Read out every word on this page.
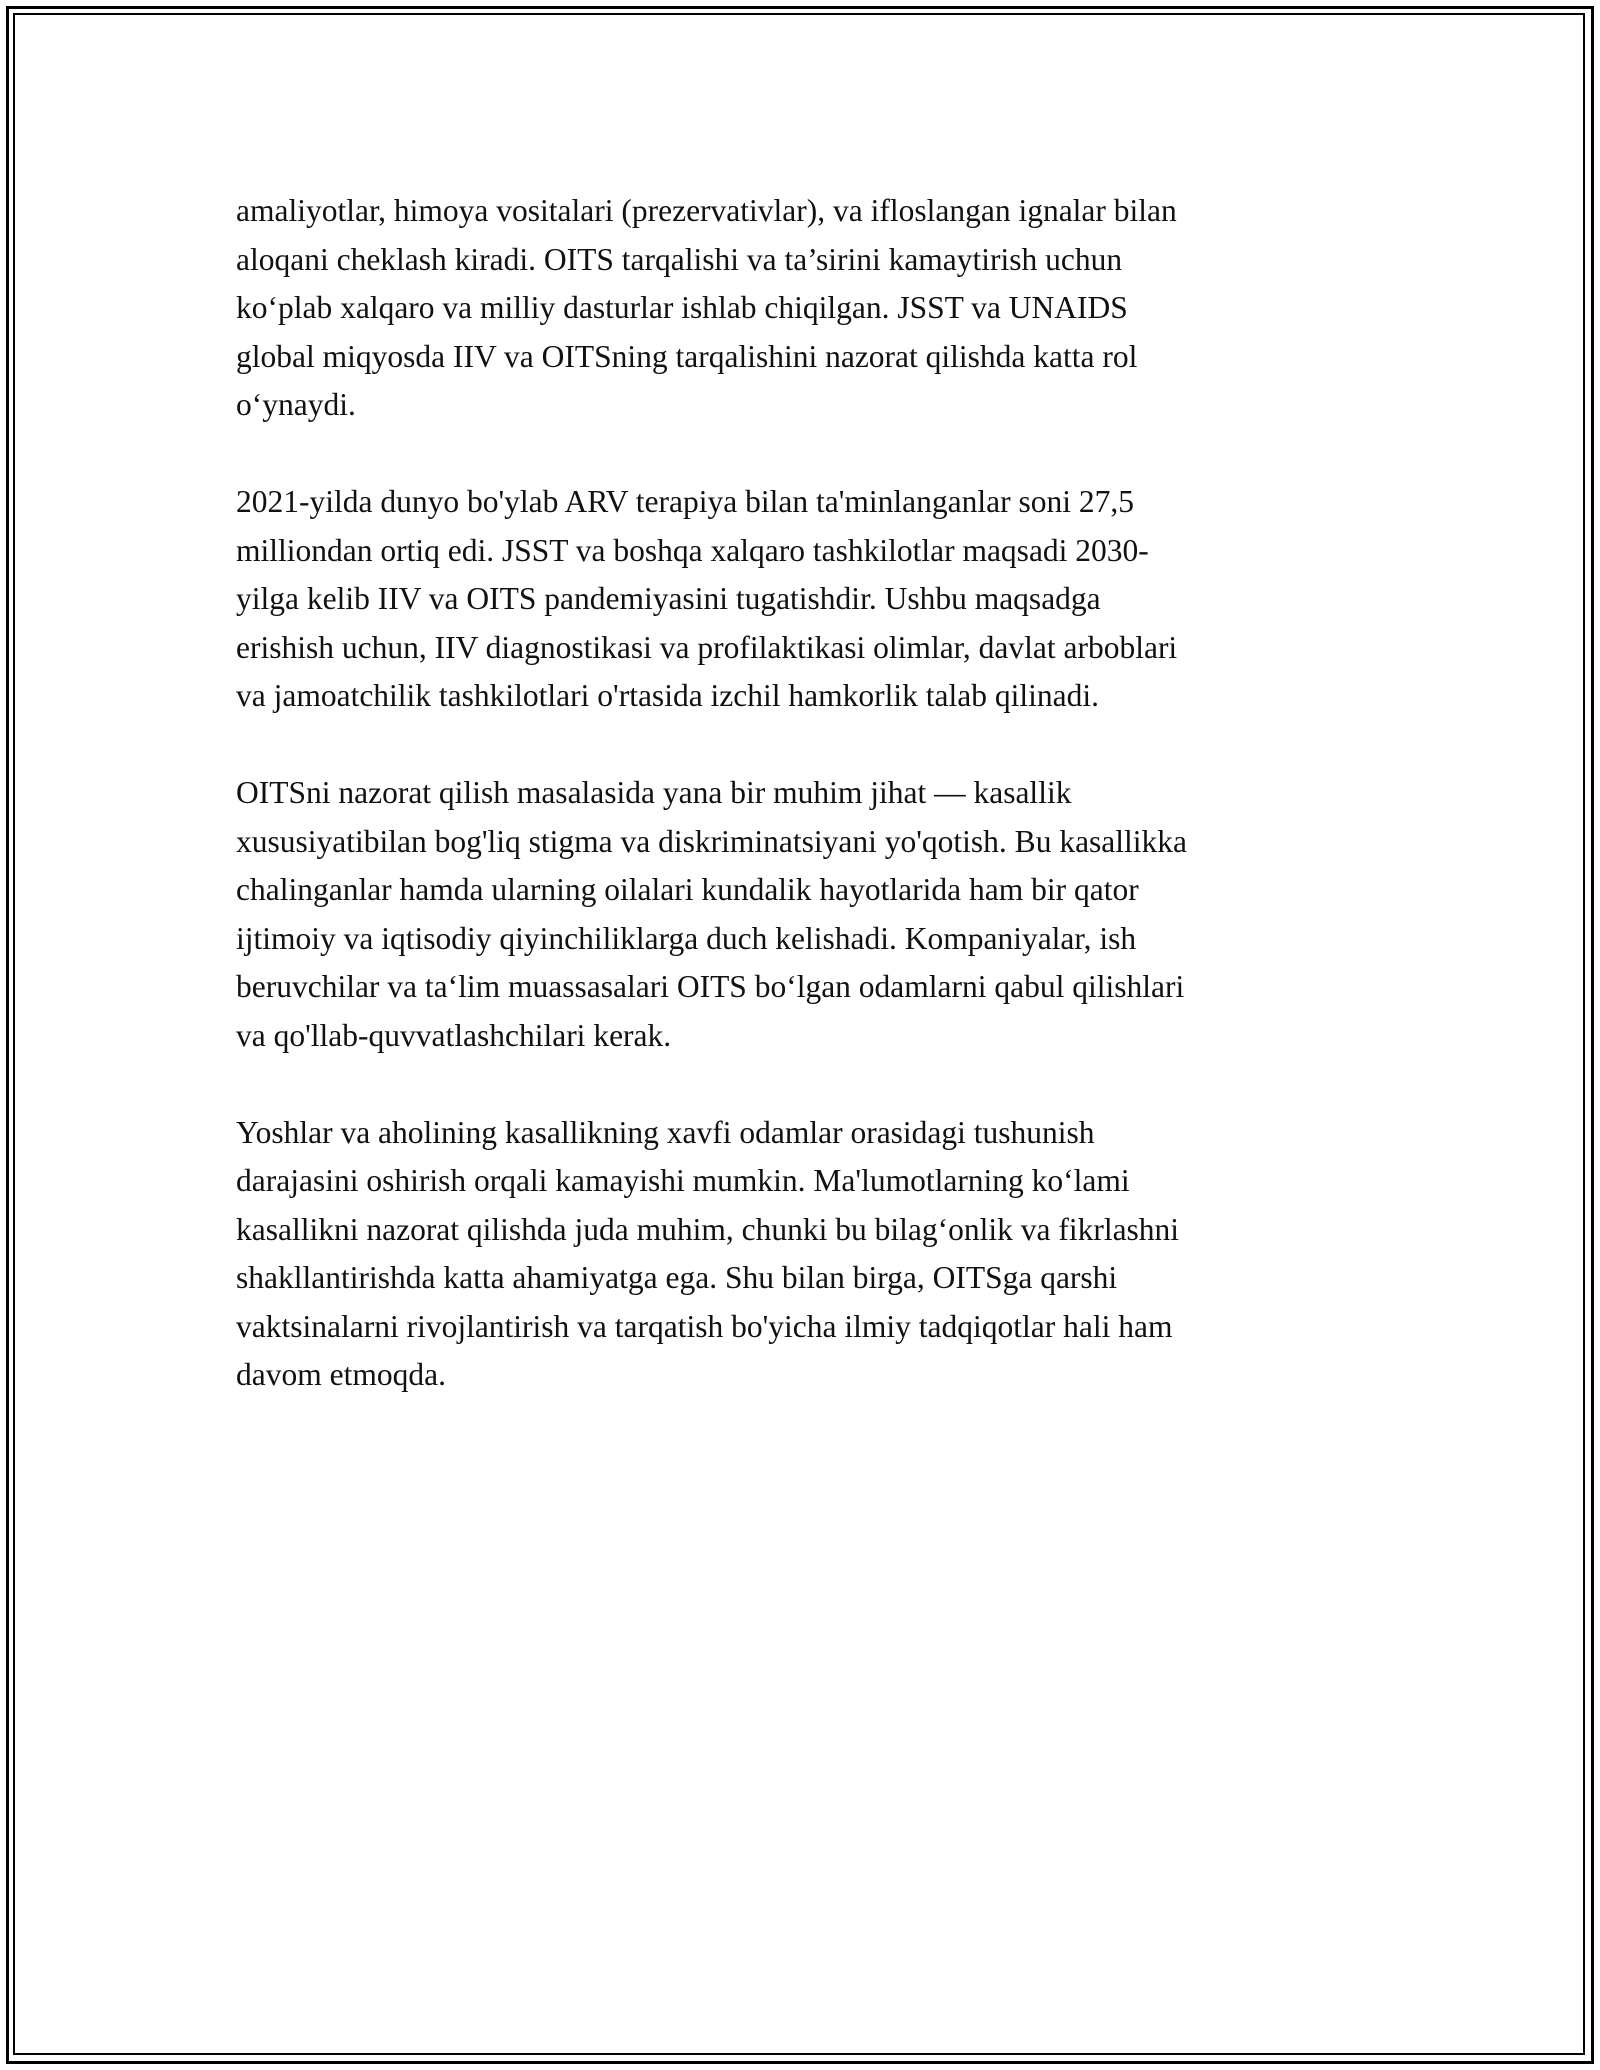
amaliyotlar, himoya vositalari (prezervativlar), va ifloslangan ignalar bilan
aloqani cheklash kiradi. OITS tarqalishi va ta’sirini kamaytirish uchun
ko‘plab xalqaro va milliy dasturlar ishlab chiqilgan. JSST va UNAIDS
global miqyosda IIV va OITSning tarqalishini nazorat qilishda katta rol
o‘ynaydi.

2021-yilda dunyo bo'ylab ARV terapiya bilan ta'minlanganlar soni 27,5
milliondan ortiq edi. JSST va boshqa xalqaro tashkilotlar maqsadi 2030-
yilga kelib IIV va OITS pandemiyasini tugatishdir. Ushbu maqsadga
erishish uchun, IIV diagnostikasi va profilaktikasi olimlar, davlat arboblari
va jamoatchilik tashkilotlari o'rtasida izchil hamkorlik talab qilinadi.

OITSni nazorat qilish masalasida yana bir muhim jihat — kasallik
xususiyatibilan bog'liq stigma va diskriminatsiyani yo'qotish. Bu kasallikka
chalinganlar hamda ularning oilalari kundalik hayotlarida ham bir qator
ijtimoiy va iqtisodiy qiyinchiliklarga duch kelishadi. Kompaniyalar, ish
beruvchilar va ta‘lim muassasalari OITS bo‘lgan odamlarni qabul qilishlari
va qo'llab-quvvatlashchilari kerak.

Yoshlar va aholining kasallikning xavfi odamlar orasidagi tushunish
darajasini oshirish orqali kamayishi mumkin. Ma'lumotlarning ko‘lami
kasallikni nazorat qilishda juda muhim, chunki bu bilag‘onlik va fikrlashni
shakllantirishda katta ahamiyatga ega. Shu bilan birga, OITSga qarshi
vaktsinalarni rivojlantirish va tarqatish bo'yicha ilmiy tadqiqotlar hali ham
davom etmoqda.
